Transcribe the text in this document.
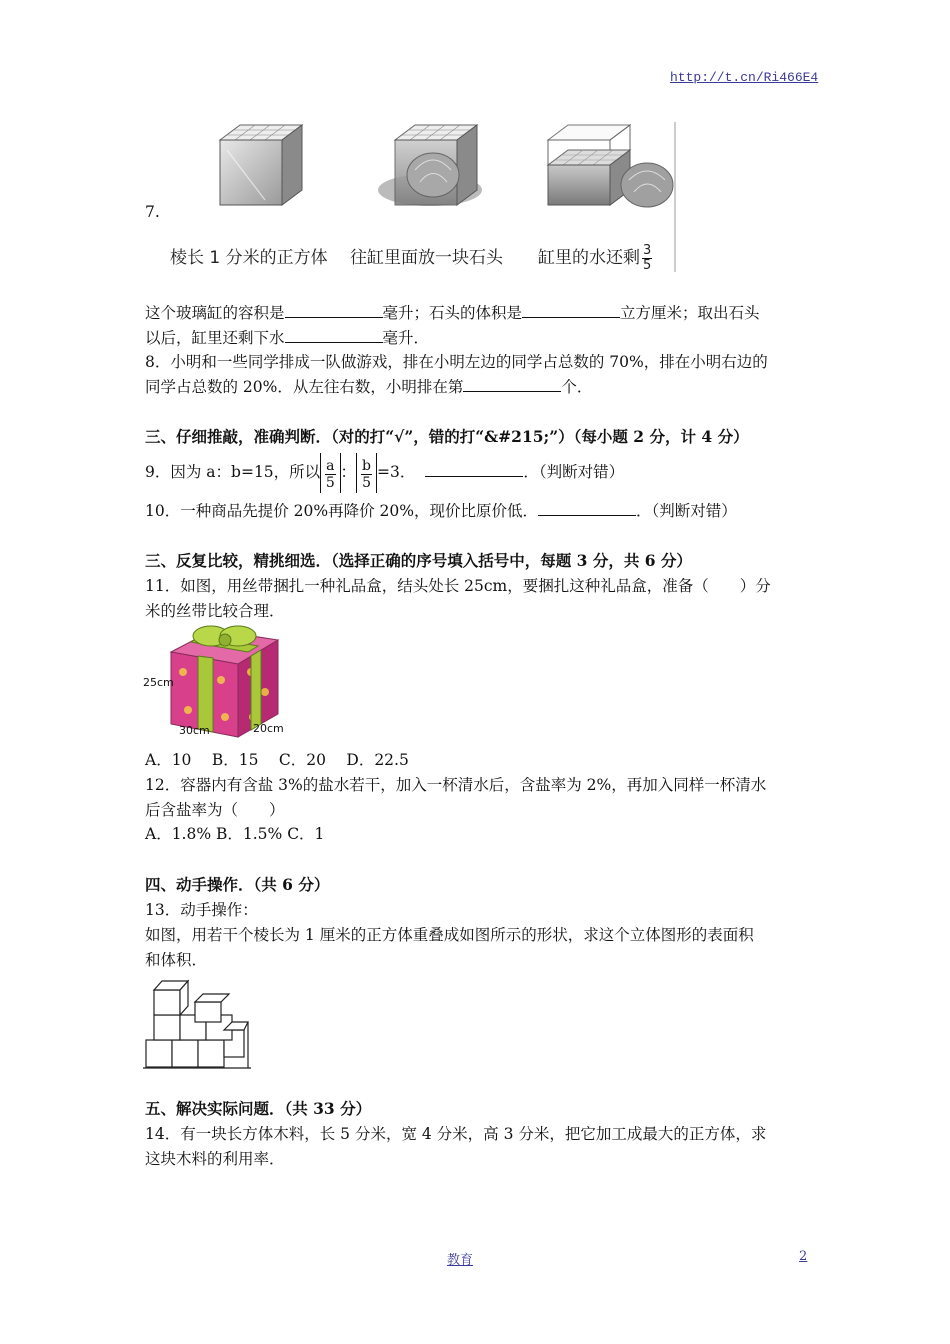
http://t.cn/Ri466E4
7.
棱长 1 分米的正方体 往缸里面放一块石头 缸里的水还剩 $\frac{3}{5}$
这个玻璃缸的容积是	毫升；石头的体积是	立方厘米；取出石头
以后，缸里还剩下水	毫升．
8．小明和一些同学排成一队做游戏，排在小明左边的同学占总数的 70%，排在小明右边的
同学占总数的 20%．从左往右数，小明排在第	个．
三、仔细推敲，准确判断．（对的打“√”，错的打“&#215;”）（每小题 2 分，计 4 分）
9．因为 a：b=15，所以 $\frac{a}{5}$ ： $\frac{b}{5} =3$．	．（判断对错）
10．一种商品先提价 20%再降价 20%，现价比原价低．	．（判断对错）
三、反复比较，精挑细选．（选择正确的序号填入括号中，每题 3 分，共 6 分）
11．如图，用丝带捆扎一种礼品盒，结头处长 25cm，要捆扎这种礼品盒，准备（　　）分
米的丝带比较合理．
25cm
30cm	20cm
A．10　 B．15　 C．20　 D．22.5
12．容器内有含盐 3%的盐水若干，加入一杯清水后，含盐率为 2%，再加入同样一杯清水
后含盐率为（　　）
A．1.8% B．1.5% C．1
四、动手操作．（共 6 分）
13．动手操作：
如图，用若干个棱长为 1 厘米的正方体重叠成如图所示的形状，求这个立体图形的表面积
和体积．
五、解决实际问题．（共 33 分）
14．有一块长方体木料，长 5 分米，宽 4 分米，高 3 分米，把它加工成最大的正方体，求
这块木料的利用率．
教育	2
